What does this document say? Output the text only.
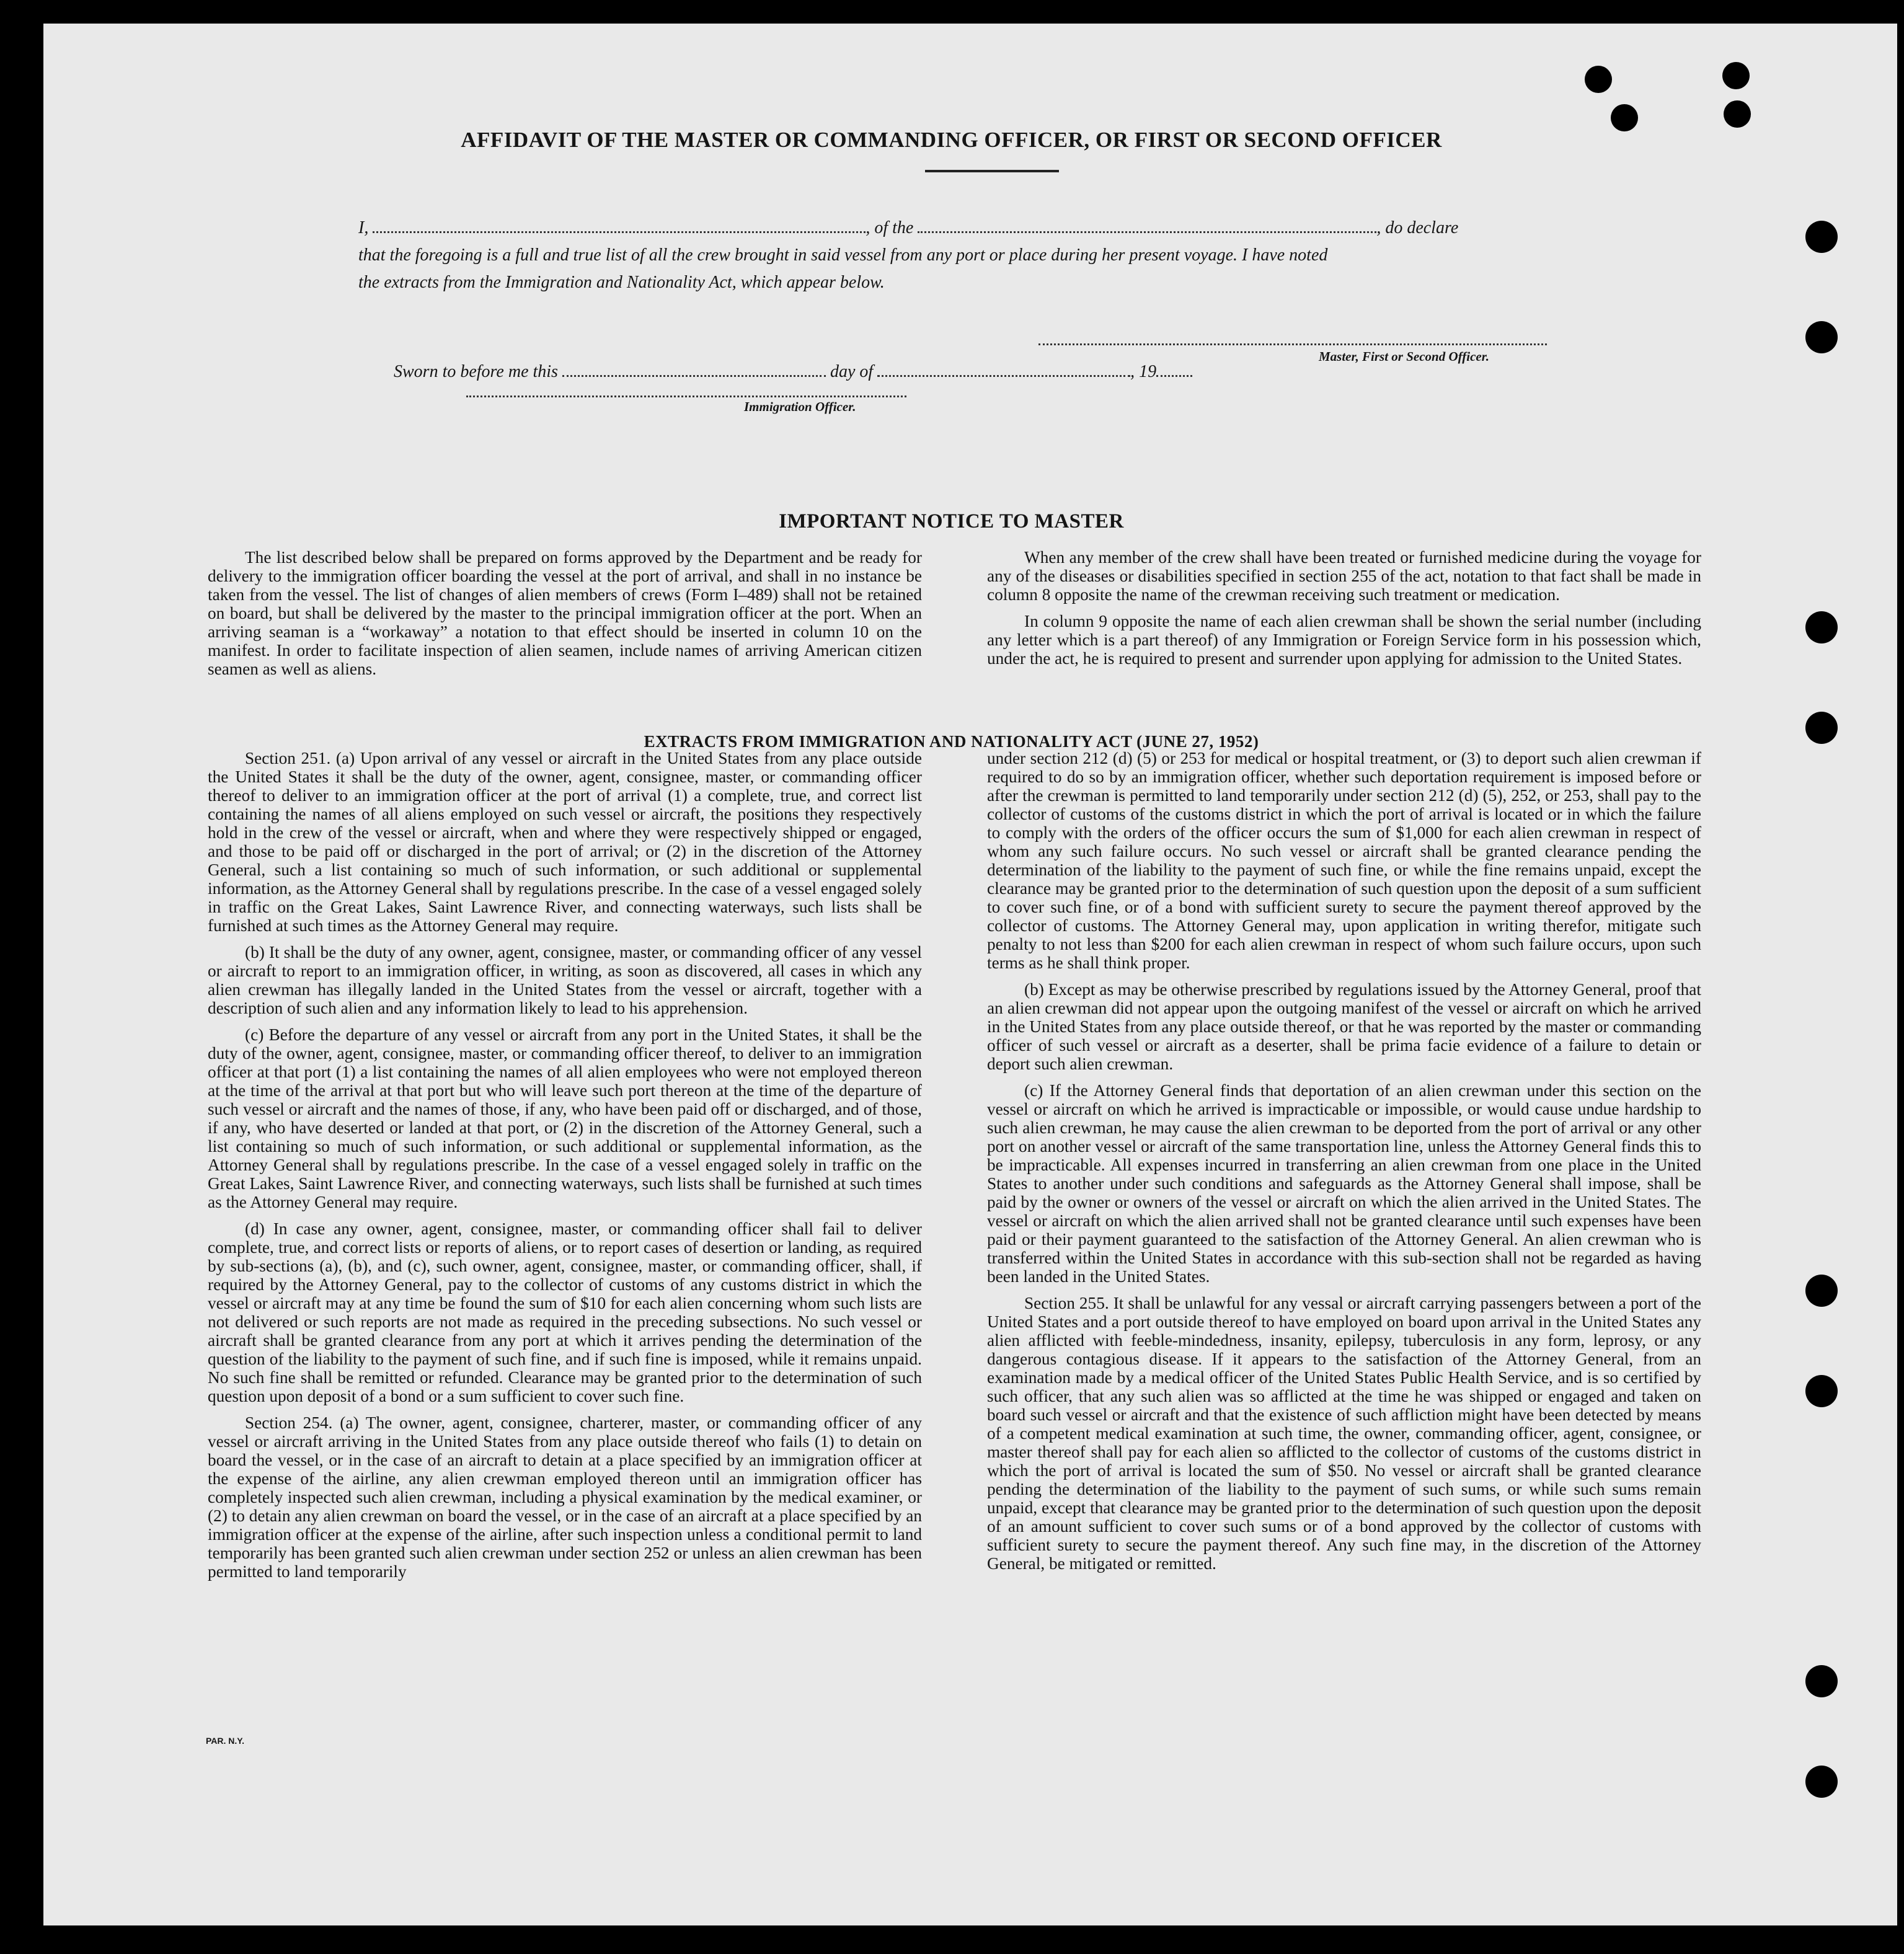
AFFIDAVIT OF THE MASTER OR COMMANDING OFFICER, OR FIRST OR SECOND OFFICER
I,	, of the	, do declare
that the foregoing is a full and true list of all the crew brought in said vessel from any port or place during her present voyage. I have noted
the extracts from the Immigration and Nationality Act, which appear below.
Master, First or Second Officer.
Sworn to before me this	day of	, 19
Immigration Officer.
IMPORTANT NOTICE TO MASTER

The list described below shall be prepared on forms approved by the Department and be ready for delivery to the immigration officer boarding the vessel at the port of arrival, and shall in no instance be taken from the vessel. The list of changes of alien members of crews (Form I–489) shall not be retained on board, but shall be delivered by the master to the principal immigration officer at the port. When an arriving seaman is a “workaway” a notation to that effect should be inserted in column 10 on the manifest. In order to facilitate inspection of alien seamen, include names of arriving American citizen seamen as well as aliens.

When any member of the crew shall have been treated or furnished medicine during the voyage for any of the diseases or disabilities specified in section 255 of the act, notation to that fact shall be made in column 8 opposite the name of the crewman receiving such treatment or medication.

In column 9 opposite the name of each alien crewman shall be shown the serial number (including any letter which is a part thereof) of any Immigration or Foreign Service form in his possession which, under the act, he is required to present and surrender upon applying for admission to the United States.

EXTRACTS FROM IMMIGRATION AND NATIONALITY ACT (JUNE 27, 1952)

Section 251. (a) Upon arrival of any vessel or aircraft in the United States from any place outside the United States it shall be the duty of the owner, agent, consignee, master, or commanding officer thereof to deliver to an immigration officer at the port of arrival (1) a complete, true, and correct list containing the names of all aliens employed on such vessel or aircraft, the positions they respectively hold in the crew of the vessel or aircraft, when and where they were respectively shipped or engaged, and those to be paid off or discharged in the port of arrival; or (2) in the discretion of the Attorney General, such a list containing so much of such information, or such additional or supplemental information, as the Attorney General shall by regulations prescribe. In the case of a vessel engaged solely in traffic on the Great Lakes, Saint Lawrence River, and connecting waterways, such lists shall be furnished at such times as the Attorney General may require.

(b) It shall be the duty of any owner, agent, consignee, master, or commanding officer of any vessel or aircraft to report to an immigration officer, in writing, as soon as discovered, all cases in which any alien crewman has illegally landed in the United States from the vessel or aircraft, together with a description of such alien and any information likely to lead to his apprehension.

(c) Before the departure of any vessel or aircraft from any port in the United States, it shall be the duty of the owner, agent, consignee, master, or commanding officer thereof, to deliver to an immigration officer at that port (1) a list containing the names of all alien employees who were not employed thereon at the time of the arrival at that port but who will leave such port thereon at the time of the departure of such vessel or aircraft and the names of those, if any, who have been paid off or discharged, and of those, if any, who have deserted or landed at that port, or (2) in the discretion of the Attorney General, such a list containing so much of such information, or such additional or supplemental information, as the Attorney General shall by regulations prescribe. In the case of a vessel engaged solely in traffic on the Great Lakes, Saint Lawrence River, and connecting waterways, such lists shall be furnished at such times as the Attorney General may require.

(d) In case any owner, agent, consignee, master, or commanding officer shall fail to deliver complete, true, and correct lists or reports of aliens, or to report cases of desertion or landing, as required by sub-sections (a), (b), and (c), such owner, agent, consignee, master, or commanding officer, shall, if required by the Attorney General, pay to the collector of customs of any customs district in which the vessel or aircraft may at any time be found the sum of $10 for each alien concerning whom such lists are not delivered or such reports are not made as required in the preceding subsections. No such vessel or aircraft shall be granted clearance from any port at which it arrives pending the determination of the question of the liability to the payment of such fine, and if such fine is imposed, while it remains unpaid. No such fine shall be remitted or refunded. Clearance may be granted prior to the determination of such question upon deposit of a bond or a sum sufficient to cover such fine.

Section 254. (a) The owner, agent, consignee, charterer, master, or commanding officer of any vessel or aircraft arriving in the United States from any place outside thereof who fails (1) to detain on board the vessel, or in the case of an aircraft to detain at a place specified by an immigration officer at the expense of the airline, any alien crewman employed thereon until an immigration officer has completely inspected such alien crewman, including a physical examination by the medical examiner, or (2) to detain any alien crewman on board the vessel, or in the case of an aircraft at a place specified by an immigration officer at the expense of the airline, after such inspection unless a conditional permit to land temporarily has been granted such alien crewman under section 252 or unless an alien crewman has been permitted to land temporarily

under section 212 (d) (5) or 253 for medical or hospital treatment, or (3) to deport such alien crewman if required to do so by an immigration officer, whether such deportation requirement is imposed before or after the crewman is permitted to land temporarily under section 212 (d) (5), 252, or 253, shall pay to the collector of customs of the customs district in which the port of arrival is located or in which the failure to comply with the orders of the officer occurs the sum of $1,000 for each alien crewman in respect of whom any such failure occurs. No such vessel or aircraft shall be granted clearance pending the determination of the liability to the payment of such fine, or while the fine remains unpaid, except the clearance may be granted prior to the determination of such question upon the deposit of a sum sufficient to cover such fine, or of a bond with sufficient surety to secure the payment thereof approved by the collector of customs. The Attorney General may, upon application in writing therefor, mitigate such penalty to not less than $200 for each alien crewman in respect of whom such failure occurs, upon such terms as he shall think proper.

(b) Except as may be otherwise prescribed by regulations issued by the Attorney General, proof that an alien crewman did not appear upon the outgoing manifest of the vessel or aircraft on which he arrived in the United States from any place outside thereof, or that he was reported by the master or commanding officer of such vessel or aircraft as a deserter, shall be prima facie evidence of a failure to detain or deport such alien crewman.

(c) If the Attorney General finds that deportation of an alien crewman under this section on the vessel or aircraft on which he arrived is impracticable or impossible, or would cause undue hardship to such alien crewman, he may cause the alien crewman to be deported from the port of arrival or any other port on another vessel or aircraft of the same transportation line, unless the Attorney General finds this to be impracticable. All expenses incurred in transferring an alien crewman from one place in the United States to another under such conditions and safeguards as the Attorney General shall impose, shall be paid by the owner or owners of the vessel or aircraft on which the alien arrived in the United States. The vessel or aircraft on which the alien arrived shall not be granted clearance until such expenses have been paid or their payment guaranteed to the satisfaction of the Attorney General. An alien crewman who is transferred within the United States in accordance with this sub-section shall not be regarded as having been landed in the United States.

Section 255. It shall be unlawful for any vessal or aircraft carrying passengers between a port of the United States and a port outside thereof to have employed on board upon arrival in the United States any alien afflicted with feeble-mindedness, insanity, epilepsy, tuberculosis in any form, leprosy, or any dangerous contagious disease. If it appears to the satisfaction of the Attorney General, from an examination made by a medical officer of the United States Public Health Service, and is so certified by such officer, that any such alien was so afflicted at the time he was shipped or engaged and taken on board such vessel or aircraft and that the existence of such affliction might have been detected by means of a competent medical examination at such time, the owner, commanding officer, agent, consignee, or master thereof shall pay for each alien so afflicted to the collector of customs of the customs district in which the port of arrival is located the sum of $50. No vessel or aircraft shall be granted clearance pending the determination of the liability to the payment of such sums, or while such sums remain unpaid, except that clearance may be granted prior to the determination of such question upon the deposit of an amount sufficient to cover such sums or of a bond approved by the collector of customs with sufficient surety to secure the payment thereof. Any such fine may, in the discretion of the Attorney General, be mitigated or remitted.

PAR. N.Y.
